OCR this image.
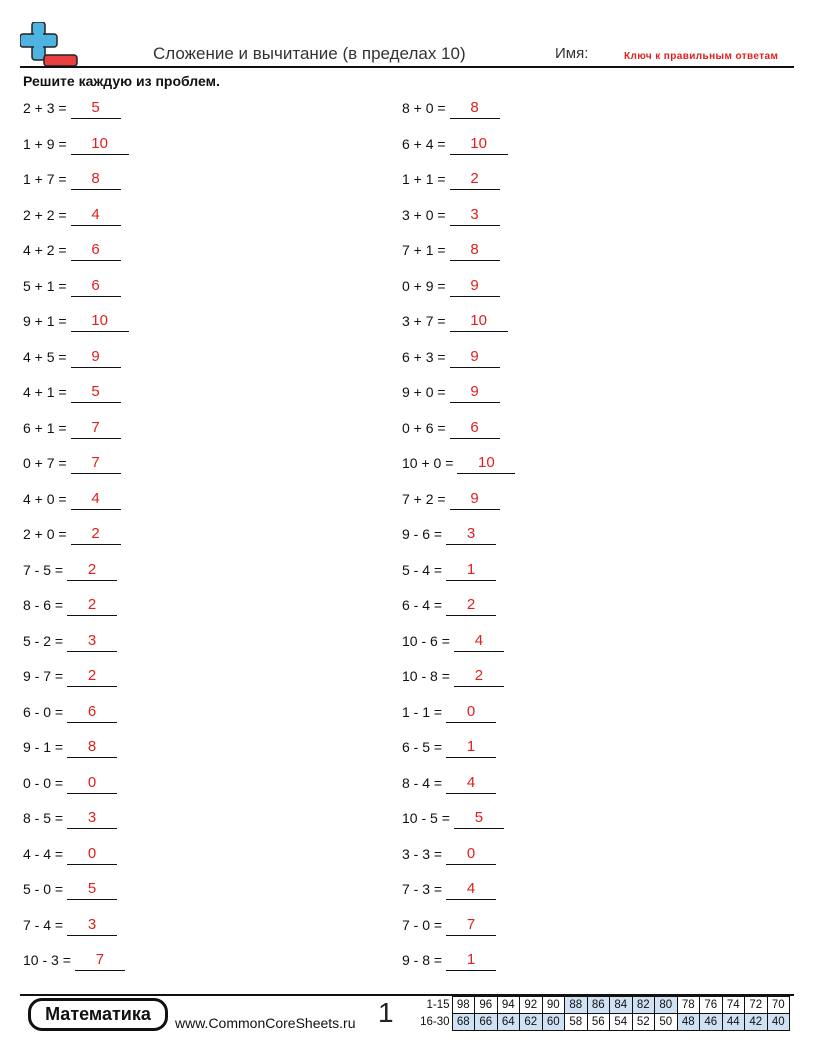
Сложение и вычитание (в пределах 10)	Имя:	Ключ к правильным ответам
Решите каждую из проблем.
2 + 3 = 5
1 + 9 = 10
1 + 7 = 8
2 + 2 = 4
4 + 2 = 6
5 + 1 = 6
9 + 1 = 10
4 + 5 = 9
4 + 1 = 5
6 + 1 = 7
0 + 7 = 7
4 + 0 = 4
2 + 0 = 2
7 - 5 = 2
8 - 6 = 2
5 - 2 = 3
9 - 7 = 2
6 - 0 = 6
9 - 1 = 8
0 - 0 = 0
8 - 5 = 3
4 - 4 = 0
5 - 0 = 5
7 - 4 = 3
10 - 3 = 7
8 + 0 = 8
6 + 4 = 10
1 + 1 = 2
3 + 0 = 3
7 + 1 = 8
0 + 9 = 9
3 + 7 = 10
6 + 3 = 9
9 + 0 = 9
0 + 6 = 6
10 + 0 = 10
7 + 2 = 9
9 - 6 = 3
5 - 4 = 1
6 - 4 = 2
10 - 6 = 4
10 - 8 = 2
1 - 1 = 0
6 - 5 = 1
8 - 4 = 4
10 - 5 = 5
3 - 3 = 0
7 - 3 = 4
7 - 0 = 7
9 - 8 = 1
Математика	www.CommonCoreSheets.ru 1	1-15	98	96	94	92	90	88	86	84	82	80	78	76	74	72	70
16-30	68	66	64	62	60	58	56	54	52	50	48	46	44	42	40
